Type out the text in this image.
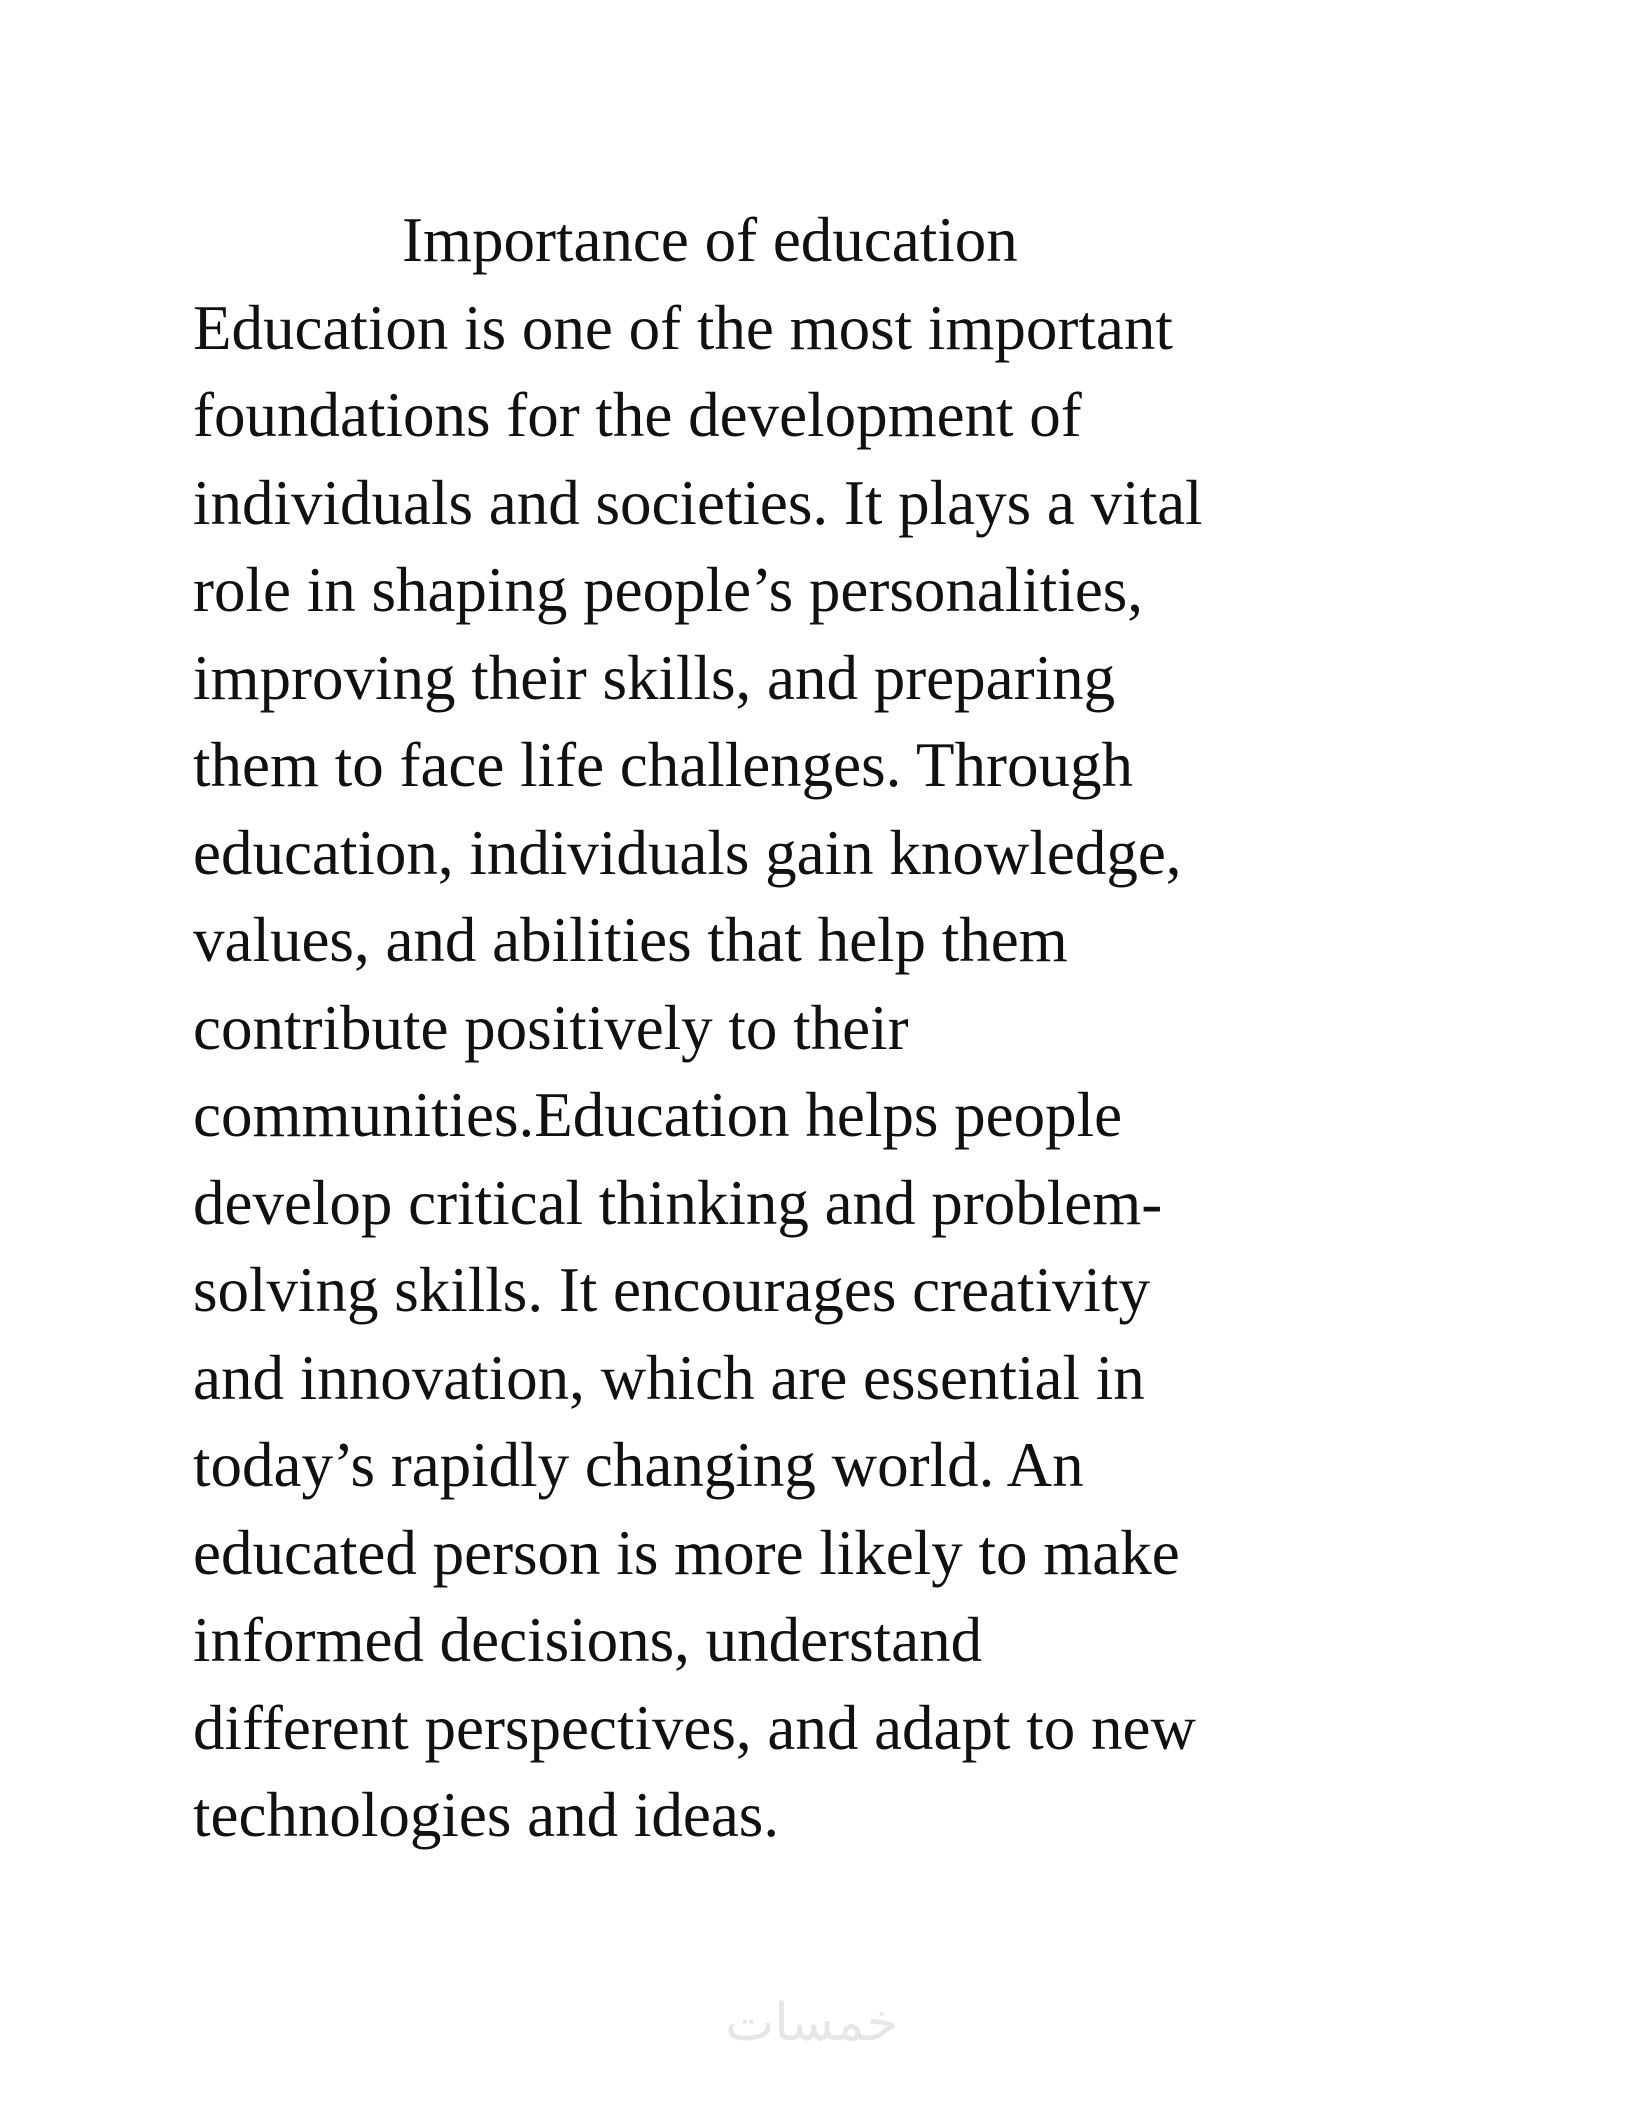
Importance of education
Education is one of the most important
foundations for the development of
individuals and societies. It plays a vital
role in shaping people’s personalities,
improving their skills, and preparing
them to face life challenges. Through
education, individuals gain knowledge,
values, and abilities that help them
contribute positively to their
communities.Education helps people
develop critical thinking and problem-
solving skills. It encourages creativity
and innovation, which are essential in
today’s rapidly changing world. An
educated person is more likely to make
informed decisions, understand
different perspectives, and adapt to new
technologies and ideas.
خمسات
